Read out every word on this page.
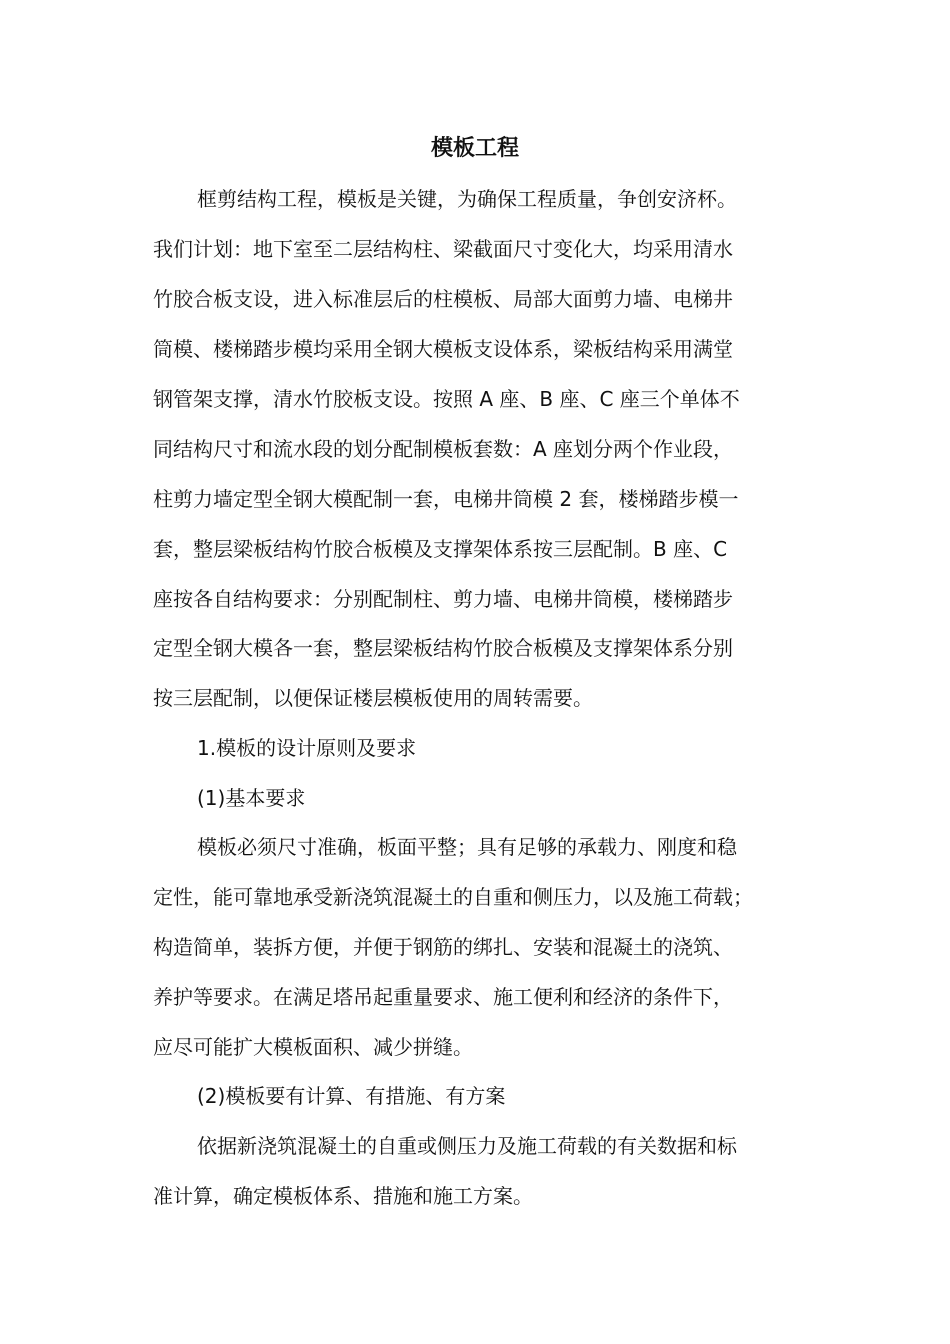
模板工程

框剪结构工程，模板是关键，为确保工程质量，争创安济杯。

我们计划：地下室至二层结构柱、梁截面尺寸变化大，均采用清水

竹胶合板支设，进入标准层后的柱模板、局部大面剪力墙、电梯井

筒模、楼梯踏步模均采用全钢大模板支设体系，梁板结构采用满堂

钢管架支撑，清水竹胶板支设。按照 A 座、B 座、C 座三个单体不

同结构尺寸和流水段的划分配制模板套数：A 座划分两个作业段，

柱剪力墙定型全钢大模配制一套，电梯井筒模 2 套，楼梯踏步模一

套，整层梁板结构竹胶合板模及支撑架体系按三层配制。B 座、C

座按各自结构要求：分别配制柱、剪力墙、电梯井筒模，楼梯踏步

定型全钢大模各一套，整层梁板结构竹胶合板模及支撑架体系分别

按三层配制，以便保证楼层模板使用的周转需要。

1.模板的设计原则及要求

(1)基本要求

模板必须尺寸准确，板面平整；具有足够的承载力、刚度和稳

定性，能可靠地承受新浇筑混凝土的自重和侧压力，以及施工荷载；

构造简单，装拆方便，并便于钢筋的绑扎、安装和混凝土的浇筑、

养护等要求。在满足塔吊起重量要求、施工便利和经济的条件下，

应尽可能扩大模板面积、减少拼缝。

(2)模板要有计算、有措施、有方案

依据新浇筑混凝土的自重或侧压力及施工荷载的有关数据和标

准计算，确定模板体系、措施和施工方案。
